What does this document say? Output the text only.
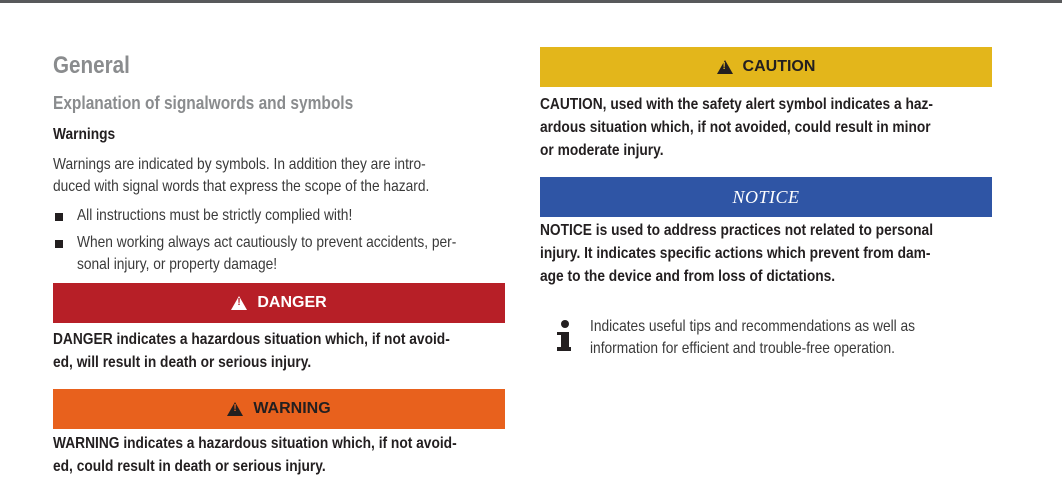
General
Explanation of signalwords and symbols
Warnings
Warnings are indicated by symbols. In addition they are intro-
duced with signal words that express the scope of the hazard.
All instructions must be strictly complied with!
When working always act cautiously to prevent accidents, per-
sonal injury, or property damage!
!
DANGER
DANGER indicates a hazardous situation which, if not avoid-
ed, will result in death or serious injury.
!
WARNING
WARNING indicates a hazardous situation which, if not avoid-
ed, could result in death or serious injury.
!
CAUTION
CAUTION, used with the safety alert symbol indicates a haz-
ardous situation which, if not avoided, could result in minor
or moderate injury.
NOTICE
NOTICE is used to address practices not related to personal
injury. It indicates specific actions which prevent from dam-
age to the device and from loss of dictations.
Indicates useful tips and recommendations as well as
information for efficient and trouble-free operation.
